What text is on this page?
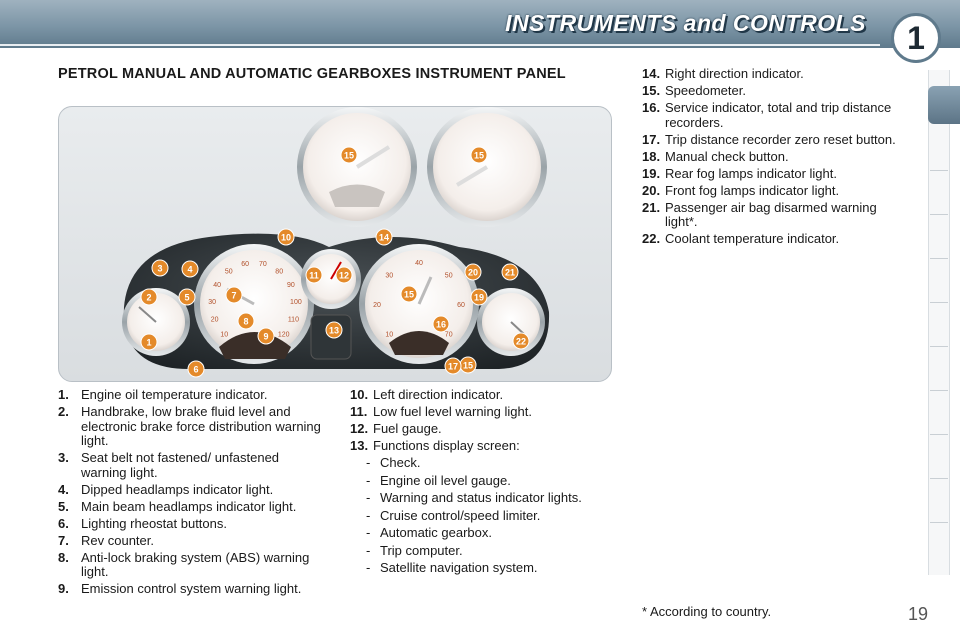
INSTRUMENTS and CONTROLS	1
PETROL MANUAL AND AUTOMATIC GEARBOXES INSTRUMENT PANEL
10
20
30
40
50
60 70
80
90
100
110
120	10
20
30
40
50
60
70
1
2
3	4
5
6
7
8
9
10
11 12
13
14
15	15
15
15
16
17
19
20	21
22
1. Engine oil temperature indicator.
2. Handbrake, low brake fluid level and electronic brake force distribution warning light.
3. Seat belt not fastened/ unfastened warning light.
4. Dipped headlamps indicator light.
5. Main beam headlamps indicator light.
6. Lighting rheostat buttons.
7. Rev counter.
8. Anti-lock braking system (ABS) warning light.
9. Emission control system warning light.
10. Left direction indicator.
11. Low fuel level warning light.
12. Fuel gauge.
13. Functions display screen:
- Check.
- Engine oil level gauge.
- Warning and status indicator lights.
- Cruise control/speed limiter.
- Automatic gearbox.
- Trip computer.
- Satellite navigation system.
14. Right direction indicator.
15. Speedometer.
16. Service indicator, total and trip distance recorders.
17. Trip distance recorder zero reset button.
18. Manual check button.
19. Rear fog lamps indicator light.
20. Front fog lamps indicator light.
21. Passenger air bag disarmed warning light*.
22. Coolant temperature indicator.
* According to country.	19
